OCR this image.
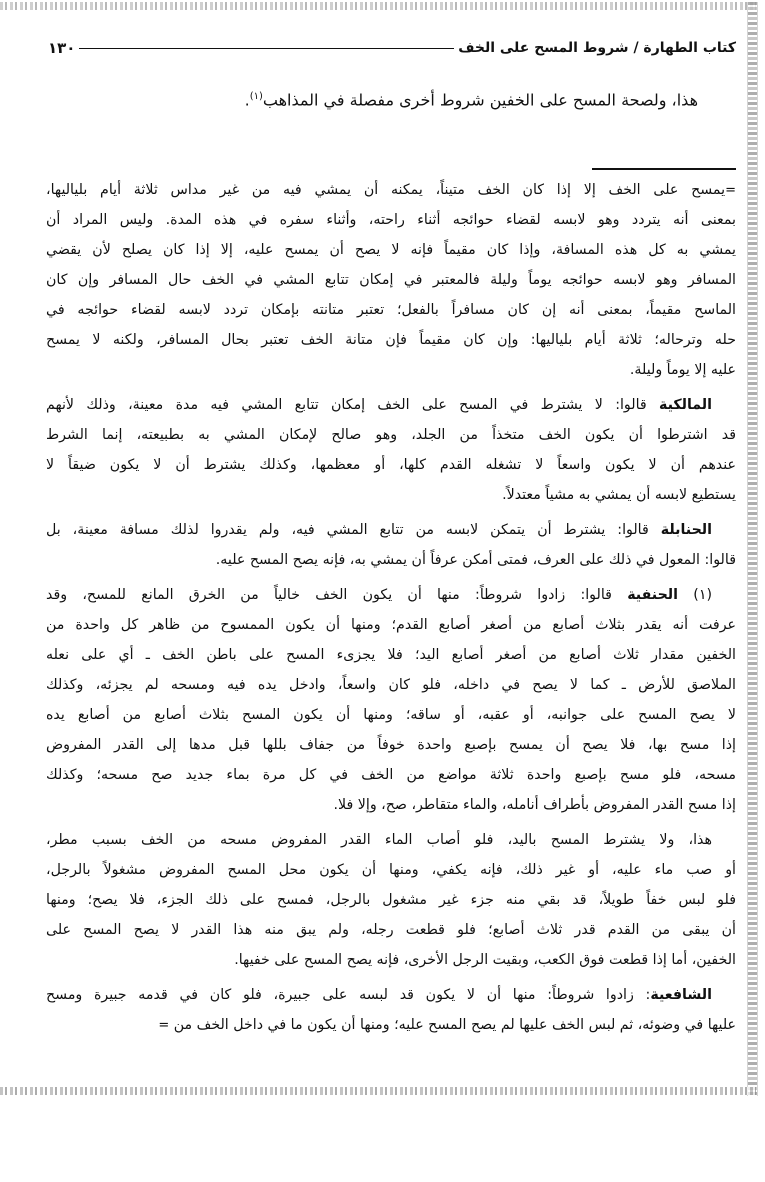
كتاب الطهارة / شروط المسح على الخف
١٣٠
هذا، ولصحة المسح على الخفين شروط أخرى مفصلة في المذاهب$^{(١)}$.
=يمسح على الخف إلا إذا كان الخف متيناً، يمكنه أن يمشي فيه من غير مداس ثلاثة أيام بلياليها،
بمعنى أنه يتردد وهو لابسه لقضاء حوائجه أثناء راحته، وأثناء سفره في هذه المدة. وليس المراد أن
يمشي به كل هذه المسافة، وإذا كان مقيماً فإنه لا يصح أن يمسح عليه، إلا إذا كان يصلح لأن يقضي
المسافر وهو لابسه حوائجه يوماً وليلة فالمعتبر في إمكان تتابع المشي في الخف حال المسافر وإن كان
الماسح مقيماً، بمعنى أنه إن كان مسافراً بالفعل؛ تعتبر متانته بإمكان تردد لابسه لقضاء حوائجه في
حله وترحاله؛ ثلاثة أيام بلياليها: وإن كان مقيماً فإن متانة الخف تعتبر بحال المسافر، ولكنه لا يمسح
عليه إلا يوماً وليلة.
المالكية قالوا: لا يشترط في المسح على الخف إمكان تتابع المشي فيه مدة معينة، وذلك لأنهم
قد اشترطوا أن يكون الخف متخذاً من الجلد، وهو صالح لإمكان المشي به بطبيعته، إنما الشرط
عندهم أن لا يكون واسعاً لا تشغله القدم كلها، أو معظمها، وكذلك يشترط أن لا يكون ضيقاً لا
يستطيع لابسه أن يمشي به مشياً معتدلاً.
الحنابلة قالوا: يشترط أن يتمكن لابسه من تتابع المشي فيه، ولم يقدروا لذلك مسافة معينة، بل
قالوا: المعول في ذلك على العرف، فمتى أمكن عرفاً أن يمشي به، فإنه يصح المسح عليه.
(١) الحنفية قالوا: زادوا شروطاً: منها أن يكون الخف خالياً من الخرق المانع للمسح، وقد
عرفت أنه يقدر بثلاث أصابع من أصغر أصابع القدم؛ ومنها أن يكون الممسوح من ظاهر كل واحدة من
الخفين مقدار ثلاث أصابع من أصغر أصابع اليد؛ فلا يجزىء المسح على باطن الخف ـ أي على نعله
الملاصق للأرض ـ كما لا يصح في داخله، فلو كان واسعاً، وادخل يده فيه ومسحه لم يجزئه، وكذلك
لا يصح المسح على جوانبه، أو عقبه، أو ساقه؛ ومنها أن يكون المسح بثلاث أصابع من أصابع يده
إذا مسح بها، فلا يصح أن يمسح بإصبع واحدة خوفاً من جفاف بللها قبل مدها إلى القدر المفروض
مسحه، فلو مسح بإصبع واحدة ثلاثة مواضع من الخف في كل مرة بماء جديد صح مسحه؛ وكذلك
إذا مسح القدر المفروض بأطراف أنامله، والماء متقاطر، صح، وإلا فلا.
هذا، ولا يشترط المسح باليد، فلو أصاب الماء القدر المفروض مسحه من الخف بسبب مطر،
أو صب ماء عليه، أو غير ذلك، فإنه يكفي، ومنها أن يكون محل المسح المفروض مشغولاً بالرجل،
فلو لبس خفاً طويلاً، قد بقي منه جزء غير مشغول بالرجل، فمسح على ذلك الجزء، فلا يصح؛ ومنها
أن يبقى من القدم قدر ثلاث أصابع؛ فلو قطعت رجله، ولم يبق منه هذا القدر لا يصح المسح على
الخفين، أما إذا قطعت فوق الكعب، وبقيت الرجل الأخرى، فإنه يصح المسح على خفيها.
الشافعية: زادوا شروطاً: منها أن لا يكون قد لبسه على جبيرة، فلو كان في قدمه جبيرة ومسح
عليها في وضوئه، ثم لبس الخف عليها لم يصح المسح عليه؛ ومنها أن يكون ما في داخل الخف من =
